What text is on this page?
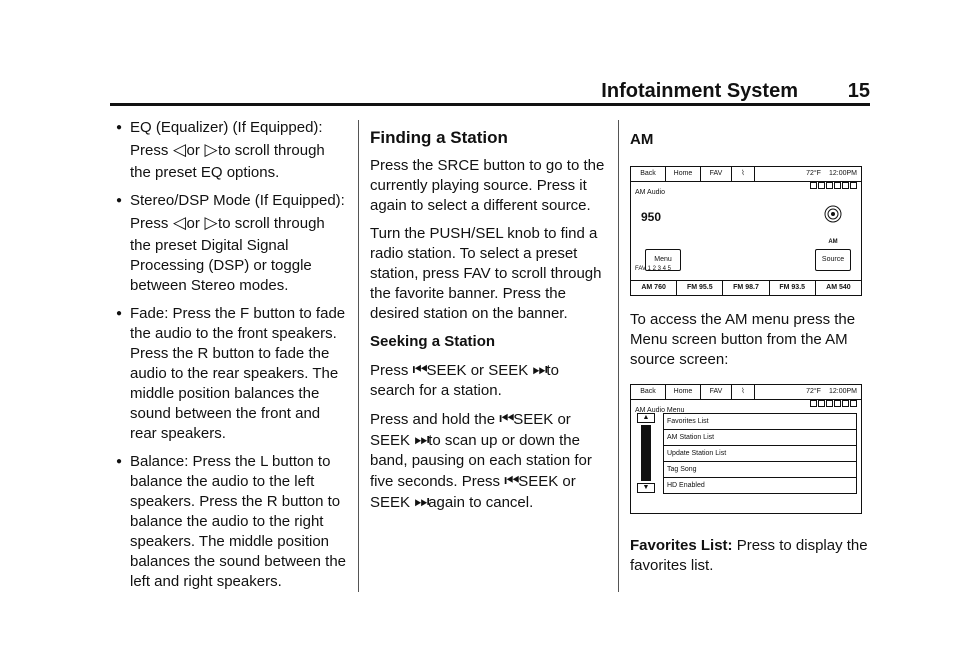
Infotainment System 15
● EQ (Equalizer) (If Equipped):

Press ◁or ▷to scroll through

the preset EQ options.

● Stereo/DSP Mode (If Equipped):

Press ◁or ▷to scroll through

the preset Digital Signal Processing (DSP) or toggle between Stereo modes.

● Fade: Press the F button to fade the audio to the front speakers. Press the R button to fade the audio to the rear speakers. The middle position balances the sound between the front and rear speakers.

● Balance: Press the L button to balance the audio to the left speakers. Press the R button to balance the audio to the right speakers. The middle position balances the sound between the left and right speakers.

Finding a Station

Press the SRCE button to go to the currently playing source. Press it again to select a different source.

Turn the PUSH/SEL knob to find a radio station. To select a preset station, press FAV to scroll through the favorite banner. Press the desired station on the banner.

Seeking a Station

Press ⏮SEEK or SEEK ⏭to search for a station.

Press and hold the ⏮SEEK or SEEK ⏭to scan up or down the band, pausing on each station for five seconds. Press ⏮SEEK or SEEK ⏭again to cancel.

AM
Back	Home	FAV	⌇	72°F 12:00PM
AM Audio
950
AM
Menu	Source
FAV 1 2 3 4 5
AM 760	FM 95.5	FM 98.7	FM 93.5	AM 540

To access the AM menu press the Menu screen button from the AM source screen:

Back	Home	FAV	⌇	72°F 12:00PM
AM Audio Menu
▲
▼
Favorites List
AM Station List
Update Station List
Tag Song
HD Enabled

Favorites List: Press to display the favorites list.
